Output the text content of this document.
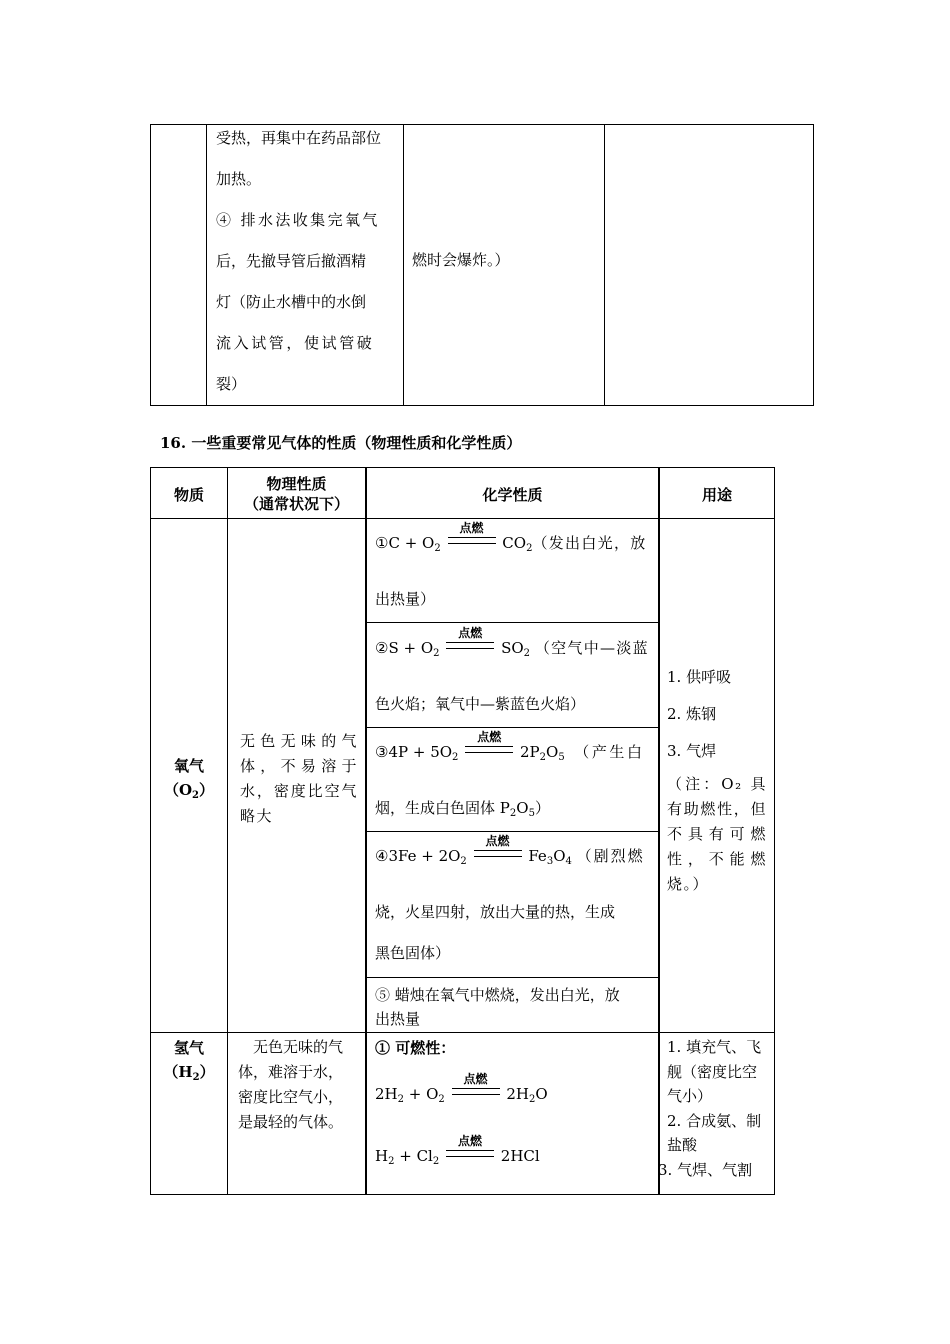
受热，再集中在药品部位
加热。
④ 排水法收集完氧气
后，先撤导管后撤酒精
灯（防止水槽中的水倒
流入试管，使试管破
裂）
燃时会爆炸。）
16. 一些重要常见气体的性质（物理性质和化学性质）
物质
物理性质
（通常状况下）	化学性质	用途
氧气
$(O_2)$
无色无味的气体，不易溶于水，密度比空气略大
①C + $O_2$
点燃
$CO_2$（发出白光，放
出热量）
②S + $O_2$
点燃
$SO_2$ （空气中—淡蓝
色火焰；氧气中—紫蓝色火焰）
③4P + $5O_2$
点燃
$2P_2O_5$ （产生白
烟，生成白色固体 $P_2O_5$）
④3Fe + $2O_2$
点燃
$Fe_3O_4$ （剧烈燃
烧，火星四射，放出大量的热，生成
黑色固体）
⑤ 蜡烛在氧气中燃烧，发出白光，放
出热量
1. 供呼吸
2. 炼钢
3. 气焊
（注：O₂ 具有助燃性，但不具有可燃性，不能燃烧。）
氢气
$(H_2)$
无色无味的气体，难溶于水，密度比空气小，是最轻的气体。
① 可燃性：
$2H_2 + O_2$
点燃
$2H_2O$
$H_2 + Cl_2$
点燃
2HCl
1. 填充气、飞舰（密度比空气小）
2. 合成氨、制盐酸
3. 气焊、气割
